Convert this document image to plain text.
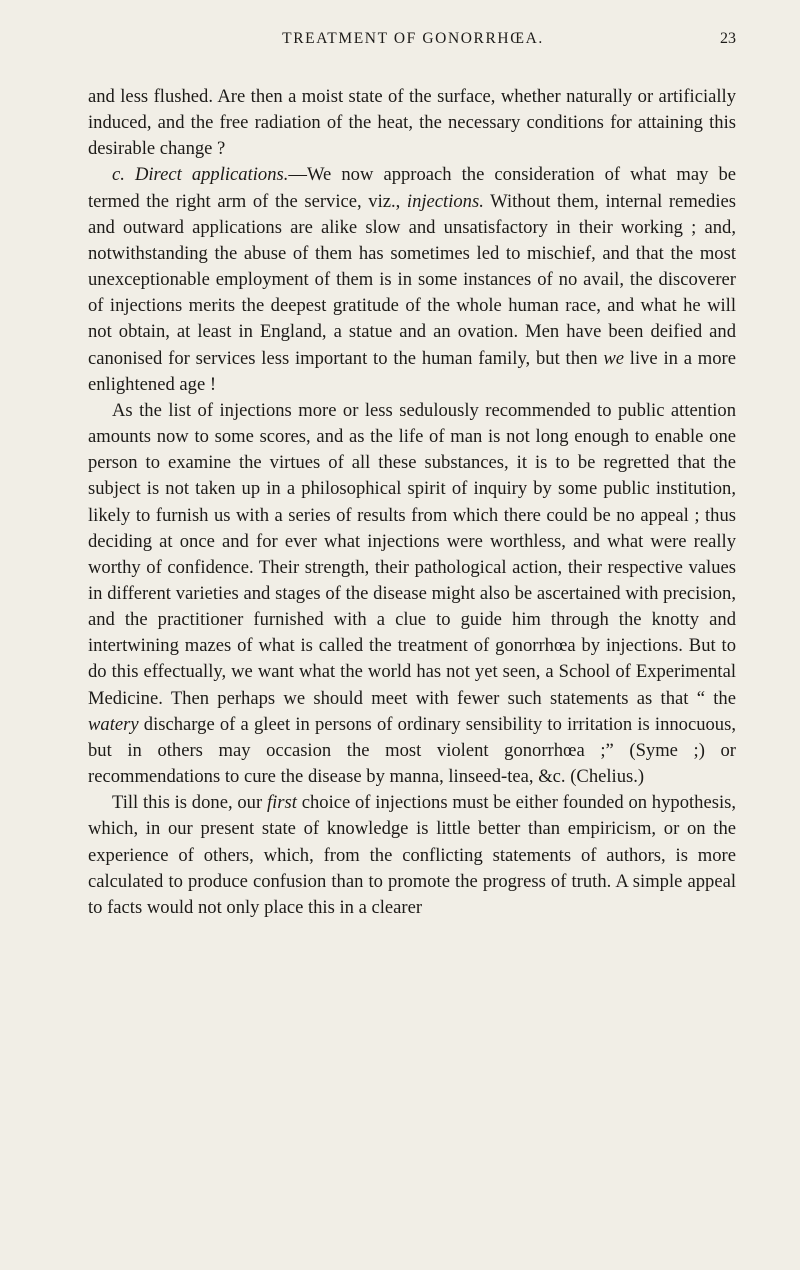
TREATMENT OF GONORRHŒA.	23

and less flushed. Are then a moist state of the surface, whether naturally or artificially induced, and the free radiation of the heat, the necessary conditions for attaining this desirable change ?

c. Direct applications.—We now approach the consideration of what may be termed the right arm of the service, viz., injections. Without them, internal remedies and outward applications are alike slow and unsatisfactory in their working ; and, notwithstanding the abuse of them has sometimes led to mischief, and that the most unexceptionable employment of them is in some instances of no avail, the discoverer of injections merits the deepest gratitude of the whole human race, and what he will not obtain, at least in England, a statue and an ovation. Men have been deified and canonised for services less important to the human family, but then we live in a more enlightened age !

As the list of injections more or less sedulously recommended to public attention amounts now to some scores, and as the life of man is not long enough to enable one person to examine the virtues of all these substances, it is to be regretted that the subject is not taken up in a philosophical spirit of inquiry by some public institution, likely to furnish us with a series of results from which there could be no appeal ; thus deciding at once and for ever what injections were worthless, and what were really worthy of confidence. Their strength, their pathological action, their respective values in different varieties and stages of the disease might also be ascertained with precision, and the practitioner furnished with a clue to guide him through the knotty and intertwining mazes of what is called the treatment of gonorrhœa by injections. But to do this effectually, we want what the world has not yet seen, a School of Experimental Medicine. Then perhaps we should meet with fewer such statements as that “ the watery discharge of a gleet in persons of ordinary sensibility to irritation is innocuous, but in others may occasion the most violent gonorrhœa ;” (Syme ;) or recommendations to cure the disease by manna, linseed-tea, &c. (Chelius.)

Till this is done, our first choice of injections must be either founded on hypothesis, which, in our present state of knowledge is little better than empiricism, or on the experience of others, which, from the conflicting statements of authors, is more calculated to produce confusion than to promote the progress of truth. A simple appeal to facts would not only place this in a clearer
